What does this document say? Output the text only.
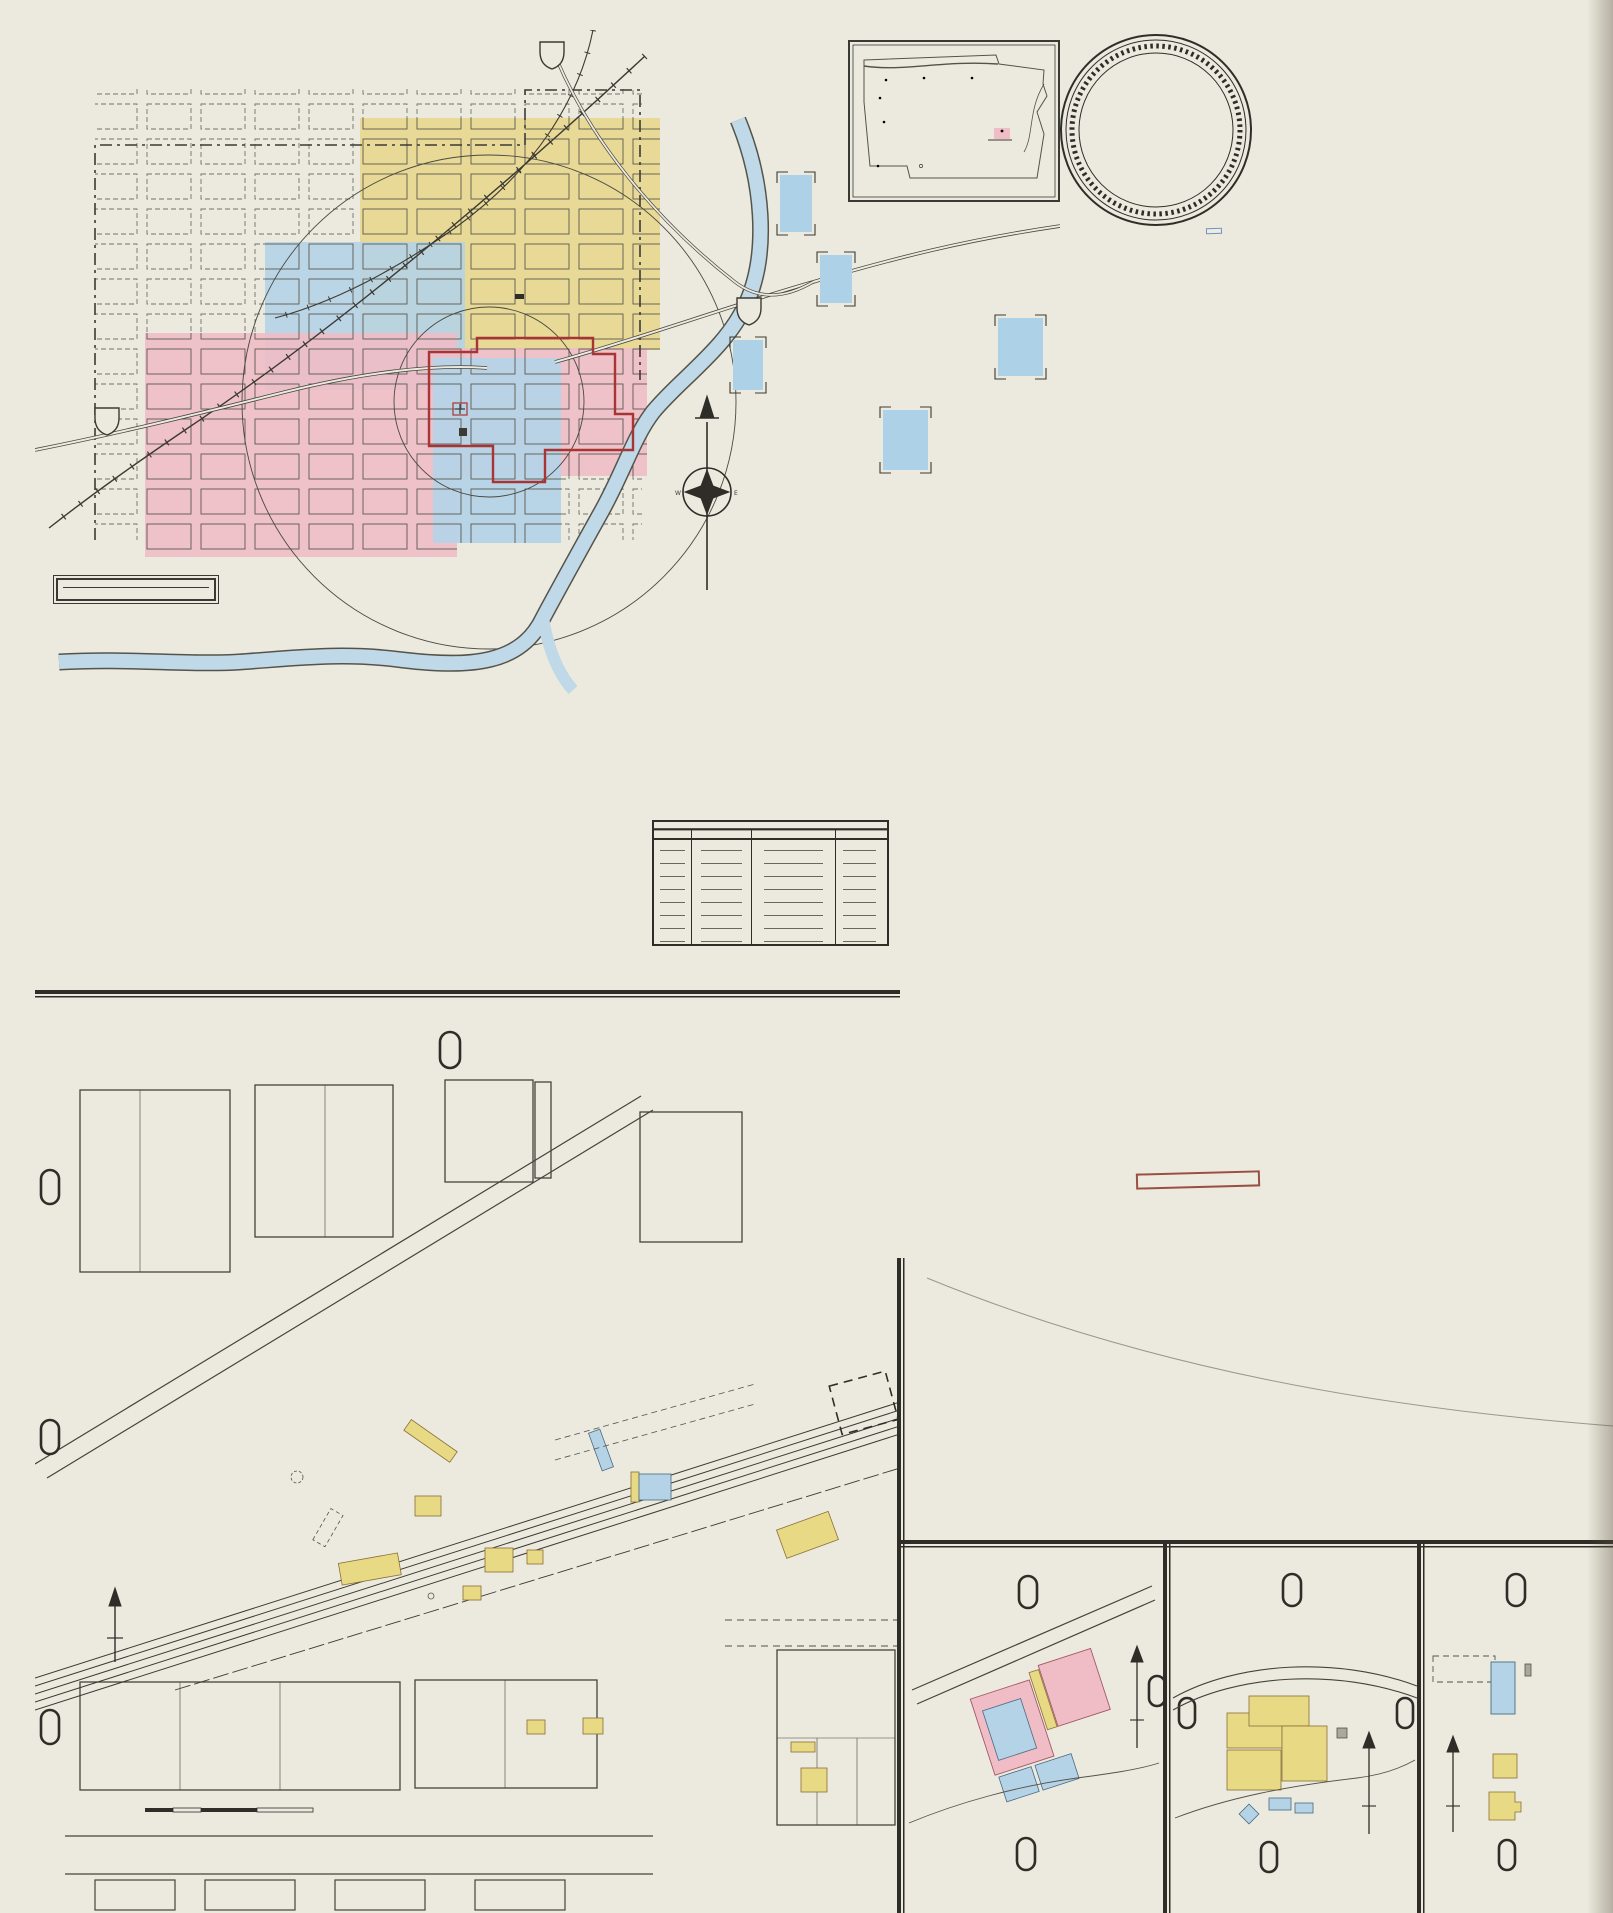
W	E
